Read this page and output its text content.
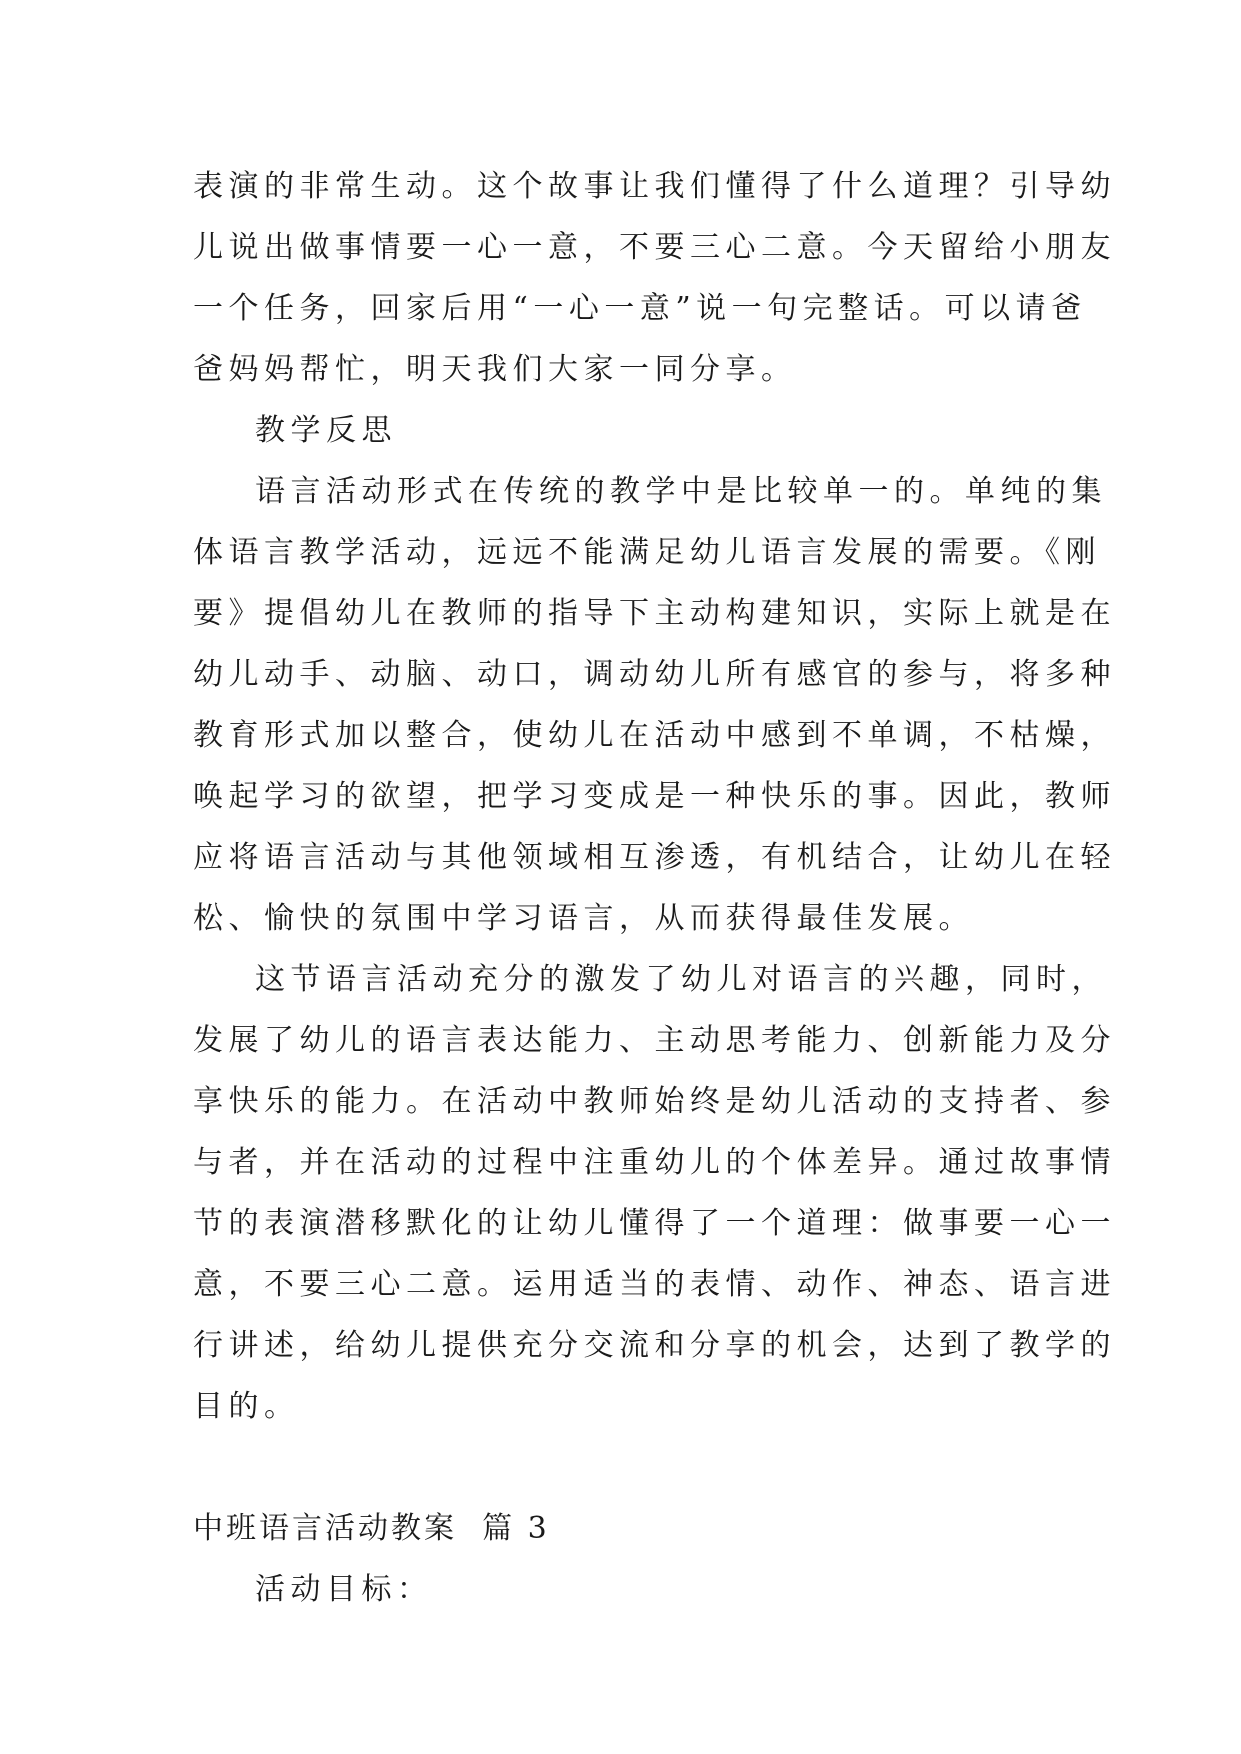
表演的非常生动。这个故事让我们懂得了什么道理？引导幼

儿说出做事情要一心一意，不要三心二意。今天留给小朋友

一个任务，回家后用“一心一意”说一句完整话。可以请爸

爸妈妈帮忙，明天我们大家一同分享。

教学反思

语言活动形式在传统的教学中是比较单一的。单纯的集

体语言教学活动，远远不能满足幼儿语言发展的需要。《刚

要》提倡幼儿在教师的指导下主动构建知识，实际上就是在

幼儿动手、动脑、动口，调动幼儿所有感官的参与，将多种

教育形式加以整合，使幼儿在活动中感到不单调，不枯燥，

唤起学习的欲望，把学习变成是一种快乐的事。因此，教师

应将语言活动与其他领域相互渗透，有机结合，让幼儿在轻

松、愉快的氛围中学习语言，从而获得最佳发展。

这节语言活动充分的激发了幼儿对语言的兴趣，同时，

发展了幼儿的语言表达能力、主动思考能力、创新能力及分

享快乐的能力。在活动中教师始终是幼儿活动的支持者、参

与者，并在活动的过程中注重幼儿的个体差异。通过故事情

节的表演潜移默化的让幼儿懂得了一个道理：做事要一心一

意，不要三心二意。运用适当的表情、动作、神态、语言进

行讲述，给幼儿提供充分交流和分享的机会，达到了教学的

目的。

中班语言活动教案  篇 3

活动目标：
